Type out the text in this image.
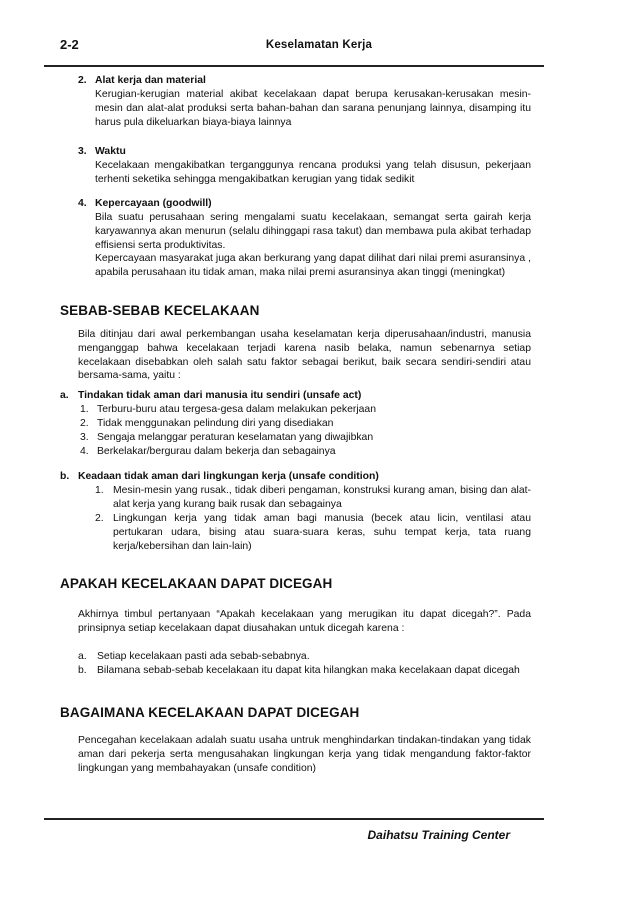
2-2	Keselamatan Kerja
2. Alat kerja dan material
Kerugian-kerugian material akibat kecelakaan dapat berupa kerusakan-kerusakan mesin-mesin dan alat-alat produksi serta bahan-bahan dan sarana penunjang lainnya, disamping itu harus pula dikeluarkan biaya-biaya lainnya
3. Waktu
Kecelakaan mengakibatkan terganggunya rencana produksi yang telah disusun, pekerjaan terhenti seketika sehingga mengakibatkan kerugian yang tidak sedikit
4. Kepercayaan (goodwill)
Bila suatu perusahaan sering mengalami suatu kecelakaan, semangat serta gairah kerja karyawannya akan menurun (selalu dihinggapi rasa takut) dan membawa pula akibat terhadap effisiensi serta produktivitas.
Kepercayaan masyarakat juga akan berkurang yang dapat dilihat dari nilai premi asuransinya , apabila perusahaan itu tidak aman, maka nilai premi asuransinya akan tinggi (meningkat)
SEBAB-SEBAB KECELAKAAN
Bila ditinjau dari awal perkembangan usaha keselamatan kerja diperusahaan/industri, manusia menganggap bahwa kecelakaan terjadi karena nasib belaka, namun sebenarnya setiap kecelakaan disebabkan oleh salah satu faktor sebagai berikut, baik secara sendiri-sendiri atau bersama-sama, yaitu :
a. Tindakan tidak aman dari manusia itu sendiri (unsafe act)
1. Terburu-buru atau tergesa-gesa dalam melakukan pekerjaan
2. Tidak menggunakan pelindung diri yang disediakan
3. Sengaja melanggar peraturan keselamatan yang diwajibkan
4. Berkelakar/bergurau dalam bekerja dan sebagainya
b. Keadaan tidak aman dari lingkungan kerja (unsafe condition)
1. Mesin-mesin yang rusak., tidak diberi pengaman, konstruksi kurang aman, bising dan alat-alat kerja yang kurang baik rusak dan sebagainya
2. Lingkungan kerja yang tidak aman bagi manusia (becek atau licin, ventilasi atau pertukaran udara, bising atau suara-suara keras, suhu tempat kerja, tata ruang kerja/kebersihan dan lain-lain)
APAKAH KECELAKAAN DAPAT DICEGAH
Akhirnya timbul pertanyaan “Apakah kecelakaan yang merugikan itu dapat dicegah?”. Pada prinsipnya setiap kecelakaan dapat diusahakan untuk dicegah karena :
a. Setiap kecelakaan pasti ada sebab-sebabnya.
b. Bilamana sebab-sebab kecelakaan itu dapat kita hilangkan maka kecelakaan dapat dicegah
BAGAIMANA KECELAKAAN DAPAT DICEGAH
Pencegahan kecelakaan adalah suatu usaha untruk menghindarkan tindakan-tindakan yang tidak aman dari pekerja serta mengusahakan lingkungan kerja yang tidak mengandung faktor-faktor lingkungan yang membahayakan (unsafe condition)
Daihatsu Training Center
